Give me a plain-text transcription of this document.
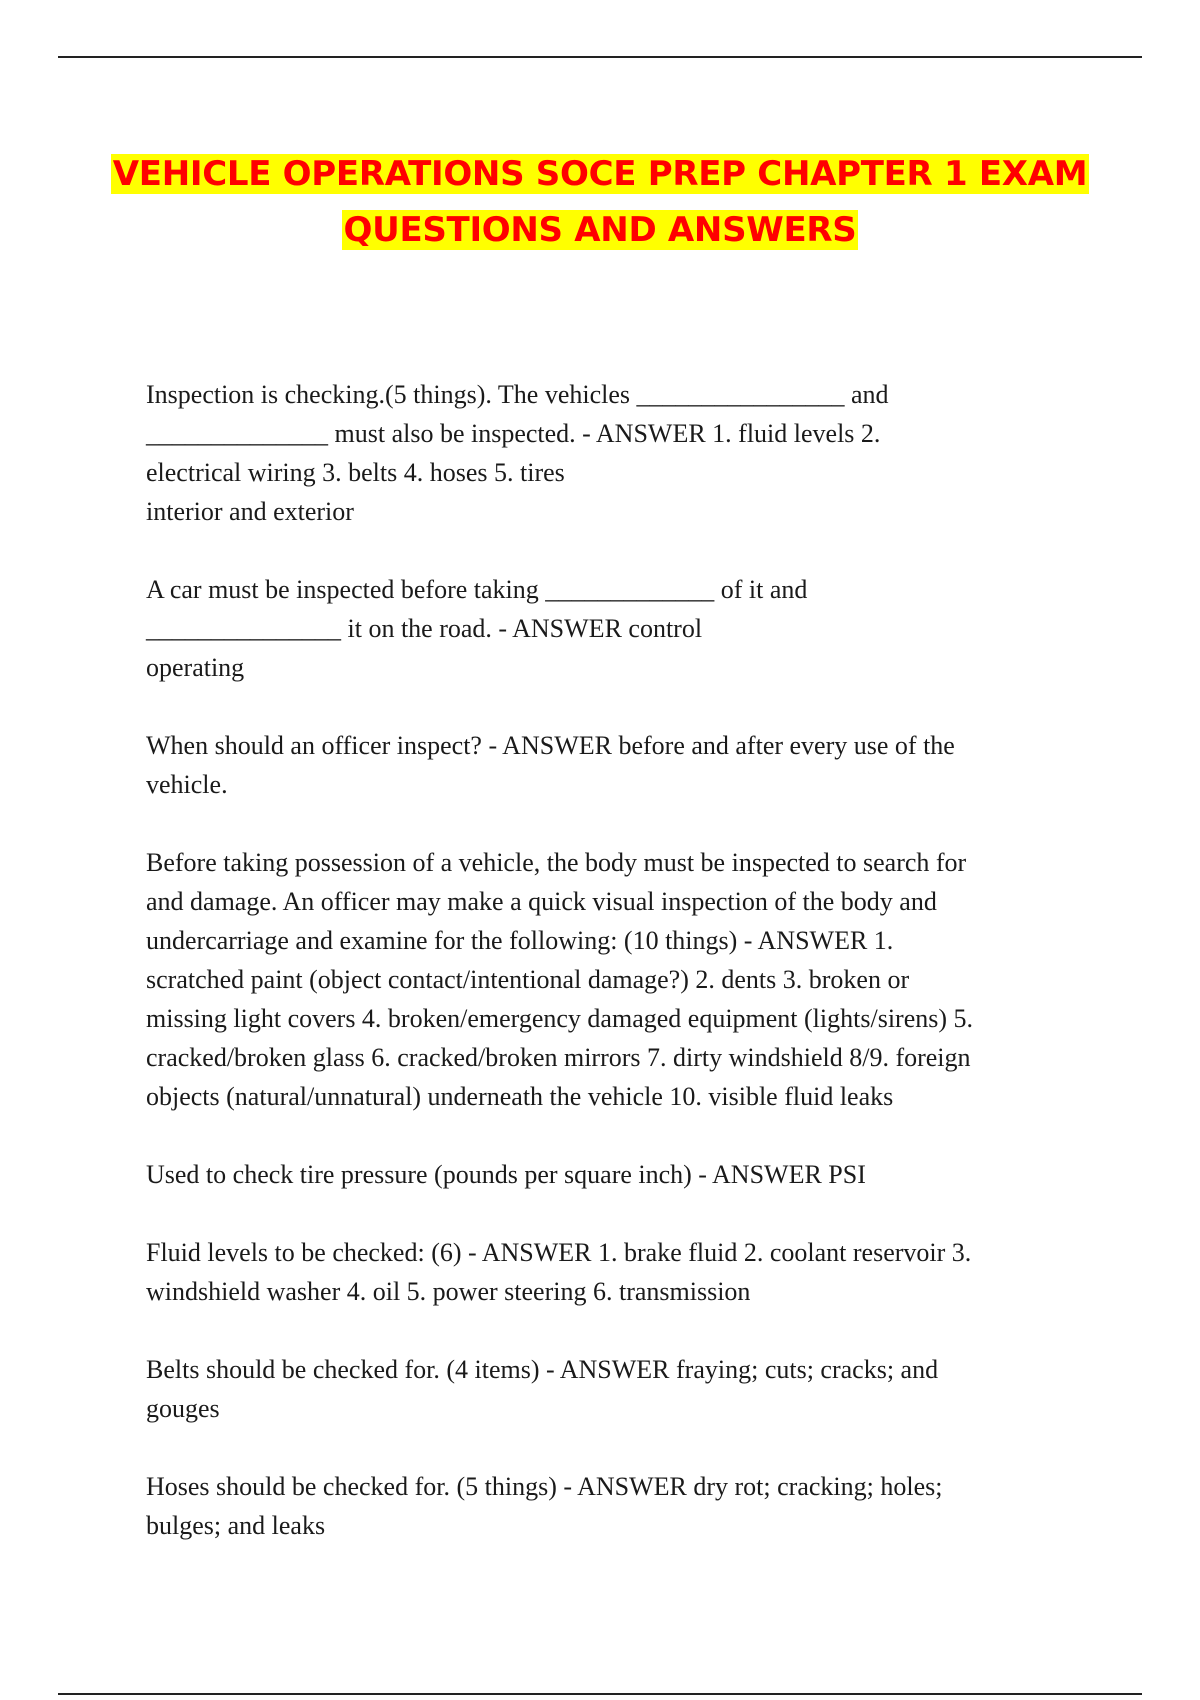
VEHICLE OPERATIONS SOCE PREP CHAPTER 1 EXAM QUESTIONS AND ANSWERS

Inspection is checking.(5 things). The vehicles ________________ and
______________ must also be inspected. - ANSWER 1. fluid levels 2.
electrical wiring 3. belts 4. hoses 5. tires
interior and exterior

A car must be inspected before taking _____________ of it and
_______________ it on the road. - ANSWER control
operating

When should an officer inspect? - ANSWER before and after every use of the
vehicle.

Before taking possession of a vehicle, the body must be inspected to search for
and damage. An officer may make a quick visual inspection of the body and
undercarriage and examine for the following: (10 things) - ANSWER 1.
scratched paint (object contact/intentional damage?) 2. dents 3. broken or
missing light covers 4. broken/emergency damaged equipment (lights/sirens) 5.
cracked/broken glass 6. cracked/broken mirrors 7. dirty windshield 8/9. foreign
objects (natural/unnatural) underneath the vehicle 10. visible fluid leaks

Used to check tire pressure (pounds per square inch) - ANSWER PSI

Fluid levels to be checked: (6) - ANSWER 1. brake fluid 2. coolant reservoir 3.
windshield washer 4. oil 5. power steering 6. transmission

Belts should be checked for. (4 items) - ANSWER fraying; cuts; cracks; and
gouges

Hoses should be checked for. (5 things) - ANSWER dry rot; cracking; holes;
bulges; and leaks
